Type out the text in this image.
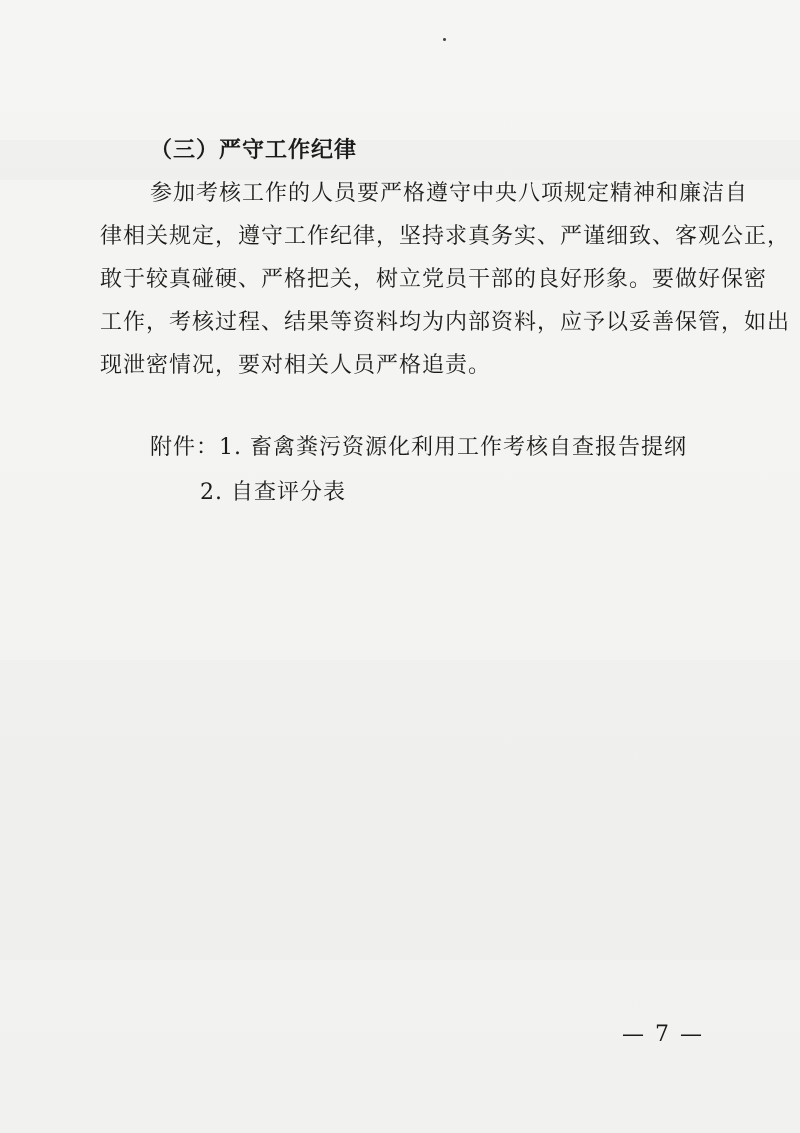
（三）严守工作纪律
参加考核工作的人员要严格遵守中央八项规定精神和廉洁自
律相关规定，遵守工作纪律，坚持求真务实、严谨细致、客观公正，
敢于较真碰硬、严格把关，树立党员干部的良好形象。要做好保密
工作，考核过程、结果等资料均为内部资料，应予以妥善保管，如出
现泄密情况，要对相关人员严格追责。
附件：1. 畜禽粪污资源化利用工作考核自查报告提纲
2. 自查评分表
— 7 —
